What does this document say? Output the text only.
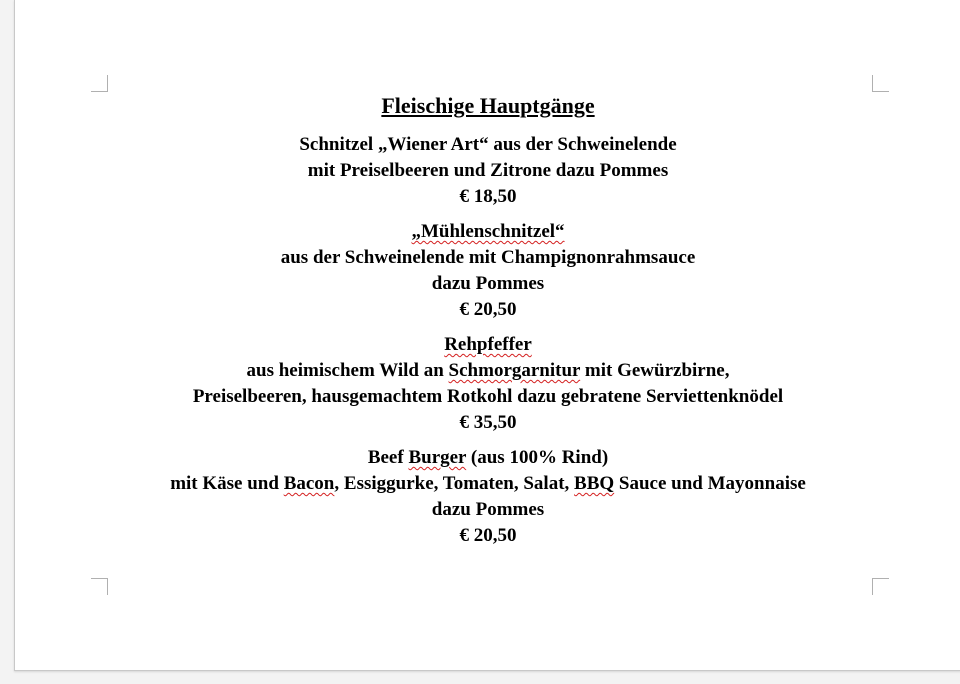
Fleischige Hauptgänge
Schnitzel „Wiener Art“ aus der Schweinelende
mit Preiselbeeren und Zitrone dazu Pommes
€ 18,50
„Mühlenschnitzel“
aus der Schweinelende mit Champignonrahmsauce
dazu Pommes
€ 20,50
Rehpfeffer
aus heimischem Wild an Schmorgarnitur mit Gewürzbirne,
Preiselbeeren, hausgemachtem Rotkohl dazu gebratene Serviettenknödel
€ 35,50
Beef Burger (aus 100% Rind)
mit Käse und Bacon, Essiggurke, Tomaten, Salat, BBQ Sauce und Mayonnaise
dazu Pommes
€ 20,50
